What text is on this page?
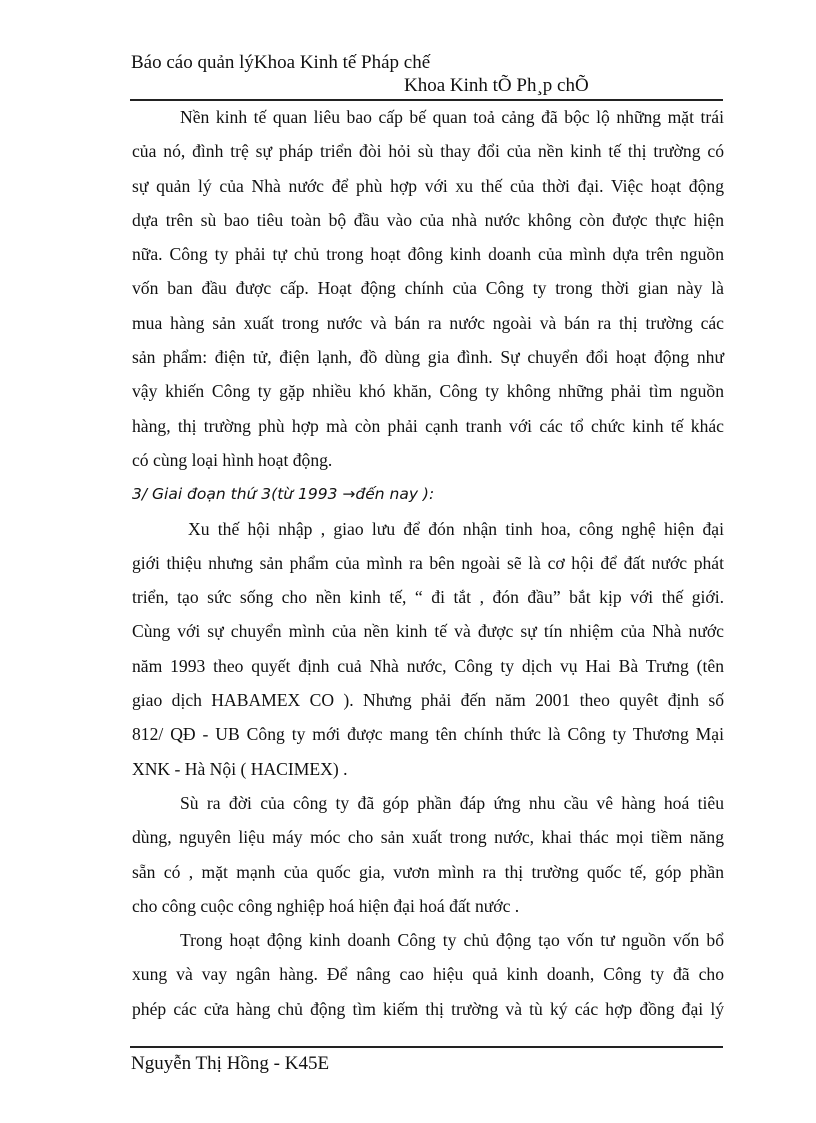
Báo cáo quản lýKhoa Kinh tế Pháp chế
Khoa Kinh tÕ Ph¸p chÕ
Nền kinh tế quan liêu bao cấp bế quan toả cảng đã bộc lộ những mặt trái
của nó, đình trệ sự pháp triển đòi hỏi sù thay đổi của nền kinh tế thị trường có
sự quản lý của Nhà nước để phù hợp với xu thế của thời đại. Việc hoạt động
dựa trên sù bao tiêu toàn bộ đầu vào của nhà nước không còn được thực hiện
nữa. Công ty phải tự chủ trong hoạt đông kinh doanh của mình dựa trên nguồn
vốn ban đầu được cấp. Hoạt động chính của Công ty trong thời gian này là
mua hàng sản xuất trong nước và bán ra nước ngoài và bán ra thị trường các
sản phẩm: điện tử, điện lạnh, đồ dùng gia đình. Sự chuyển đổi hoạt động như
vậy khiến Công ty gặp nhiều khó khăn, Công ty không những phải tìm nguồn
hàng, thị trường phù hợp mà còn phải cạnh tranh với các tổ chức kinh tế khác
có cùng loại hình hoạt động.
3/ Giai đoạn thứ 3(từ 1993 →đến nay ):
Xu thế hội nhập , giao lưu để đón nhận tinh hoa, công nghệ hiện đại
giới thiệu nhưng sản phẩm của mình ra bên ngoài sẽ là cơ hội để đất nước phát
triển, tạo sức sống cho nền kinh tế, “ đi tắt , đón đầu” bắt kịp với thế giới.
Cùng với sự chuyển mình của nền kinh tế và được sự tín nhiệm của Nhà nước
năm 1993 theo quyết định cuả Nhà nước, Công ty dịch vụ Hai Bà Trưng (tên
giao dịch HABAMEX CO ). Nhưng phải đến năm 2001 theo quyêt định số
812/ QĐ - UB Công ty mới được mang tên chính thức là Công ty Thương Mại
XNK - Hà Nội ( HACIMEX) .
Sù ra đời của công ty đã góp phần đáp ứng nhu cầu vê hàng hoá tiêu
dùng, nguyên liệu máy móc cho sản xuất trong nước, khai thác mọi tiềm năng
sẵn có , mặt mạnh của quốc gia, vươn mình ra thị trường quốc tế, góp phần
cho công cuộc công nghiệp hoá hiện đại hoá đất nước .
Trong hoạt động kinh doanh Công ty chủ động tạo vốn tư nguồn vốn bổ
xung và vay ngân hàng. Để nâng cao hiệu quả kinh doanh, Công ty đã cho
phép các cửa hàng chủ động tìm kiếm thị trường và tù ký các hợp đồng đại lý
Nguyễn Thị Hồng - K45E
